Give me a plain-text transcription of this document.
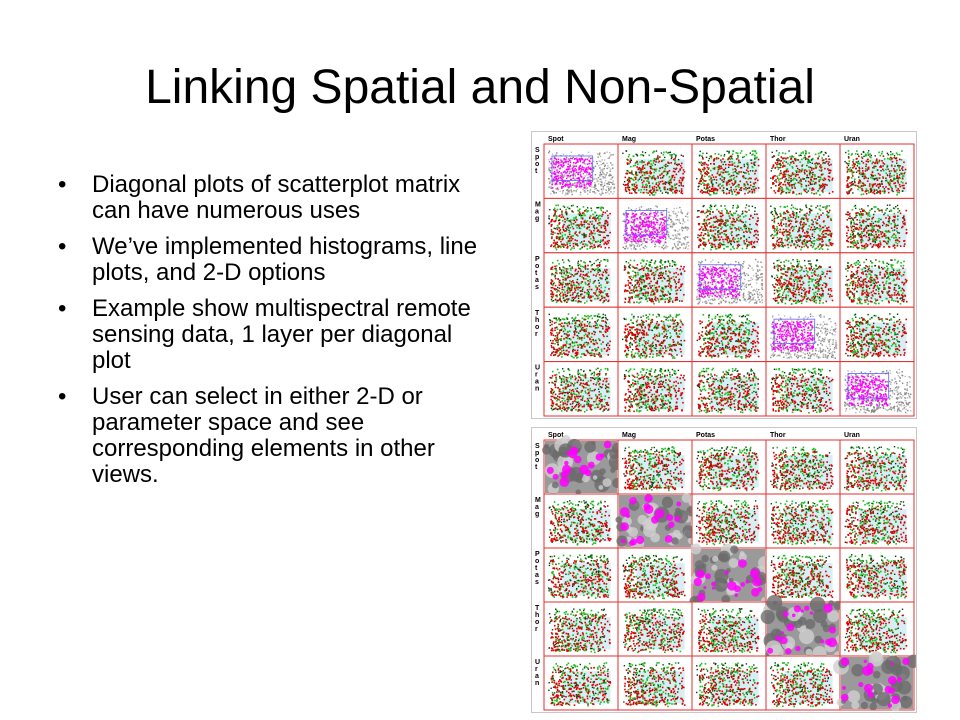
Linking Spatial and Non-Spatial
• Diagonal plots of scatterplot matrix can have numerous uses
• We’ve implemented histograms, line plots, and 2-D options
• Example show multispectral remote sensing data, 1 layer per diagonal plot
• User can select in either 2-D or parameter space and see corresponding elements in other views.
Spot	Mag	Potas	Thor	Uran
S
p
o
t
M
a
g
P
o
t
a
s
T
h
o
r
U
r
a
n
Spot	Mag	Potas	Thor	Uran
S
p
o
t
M
a
g
P
o
t
a
s
T
h
o
r
U
r
a
n
